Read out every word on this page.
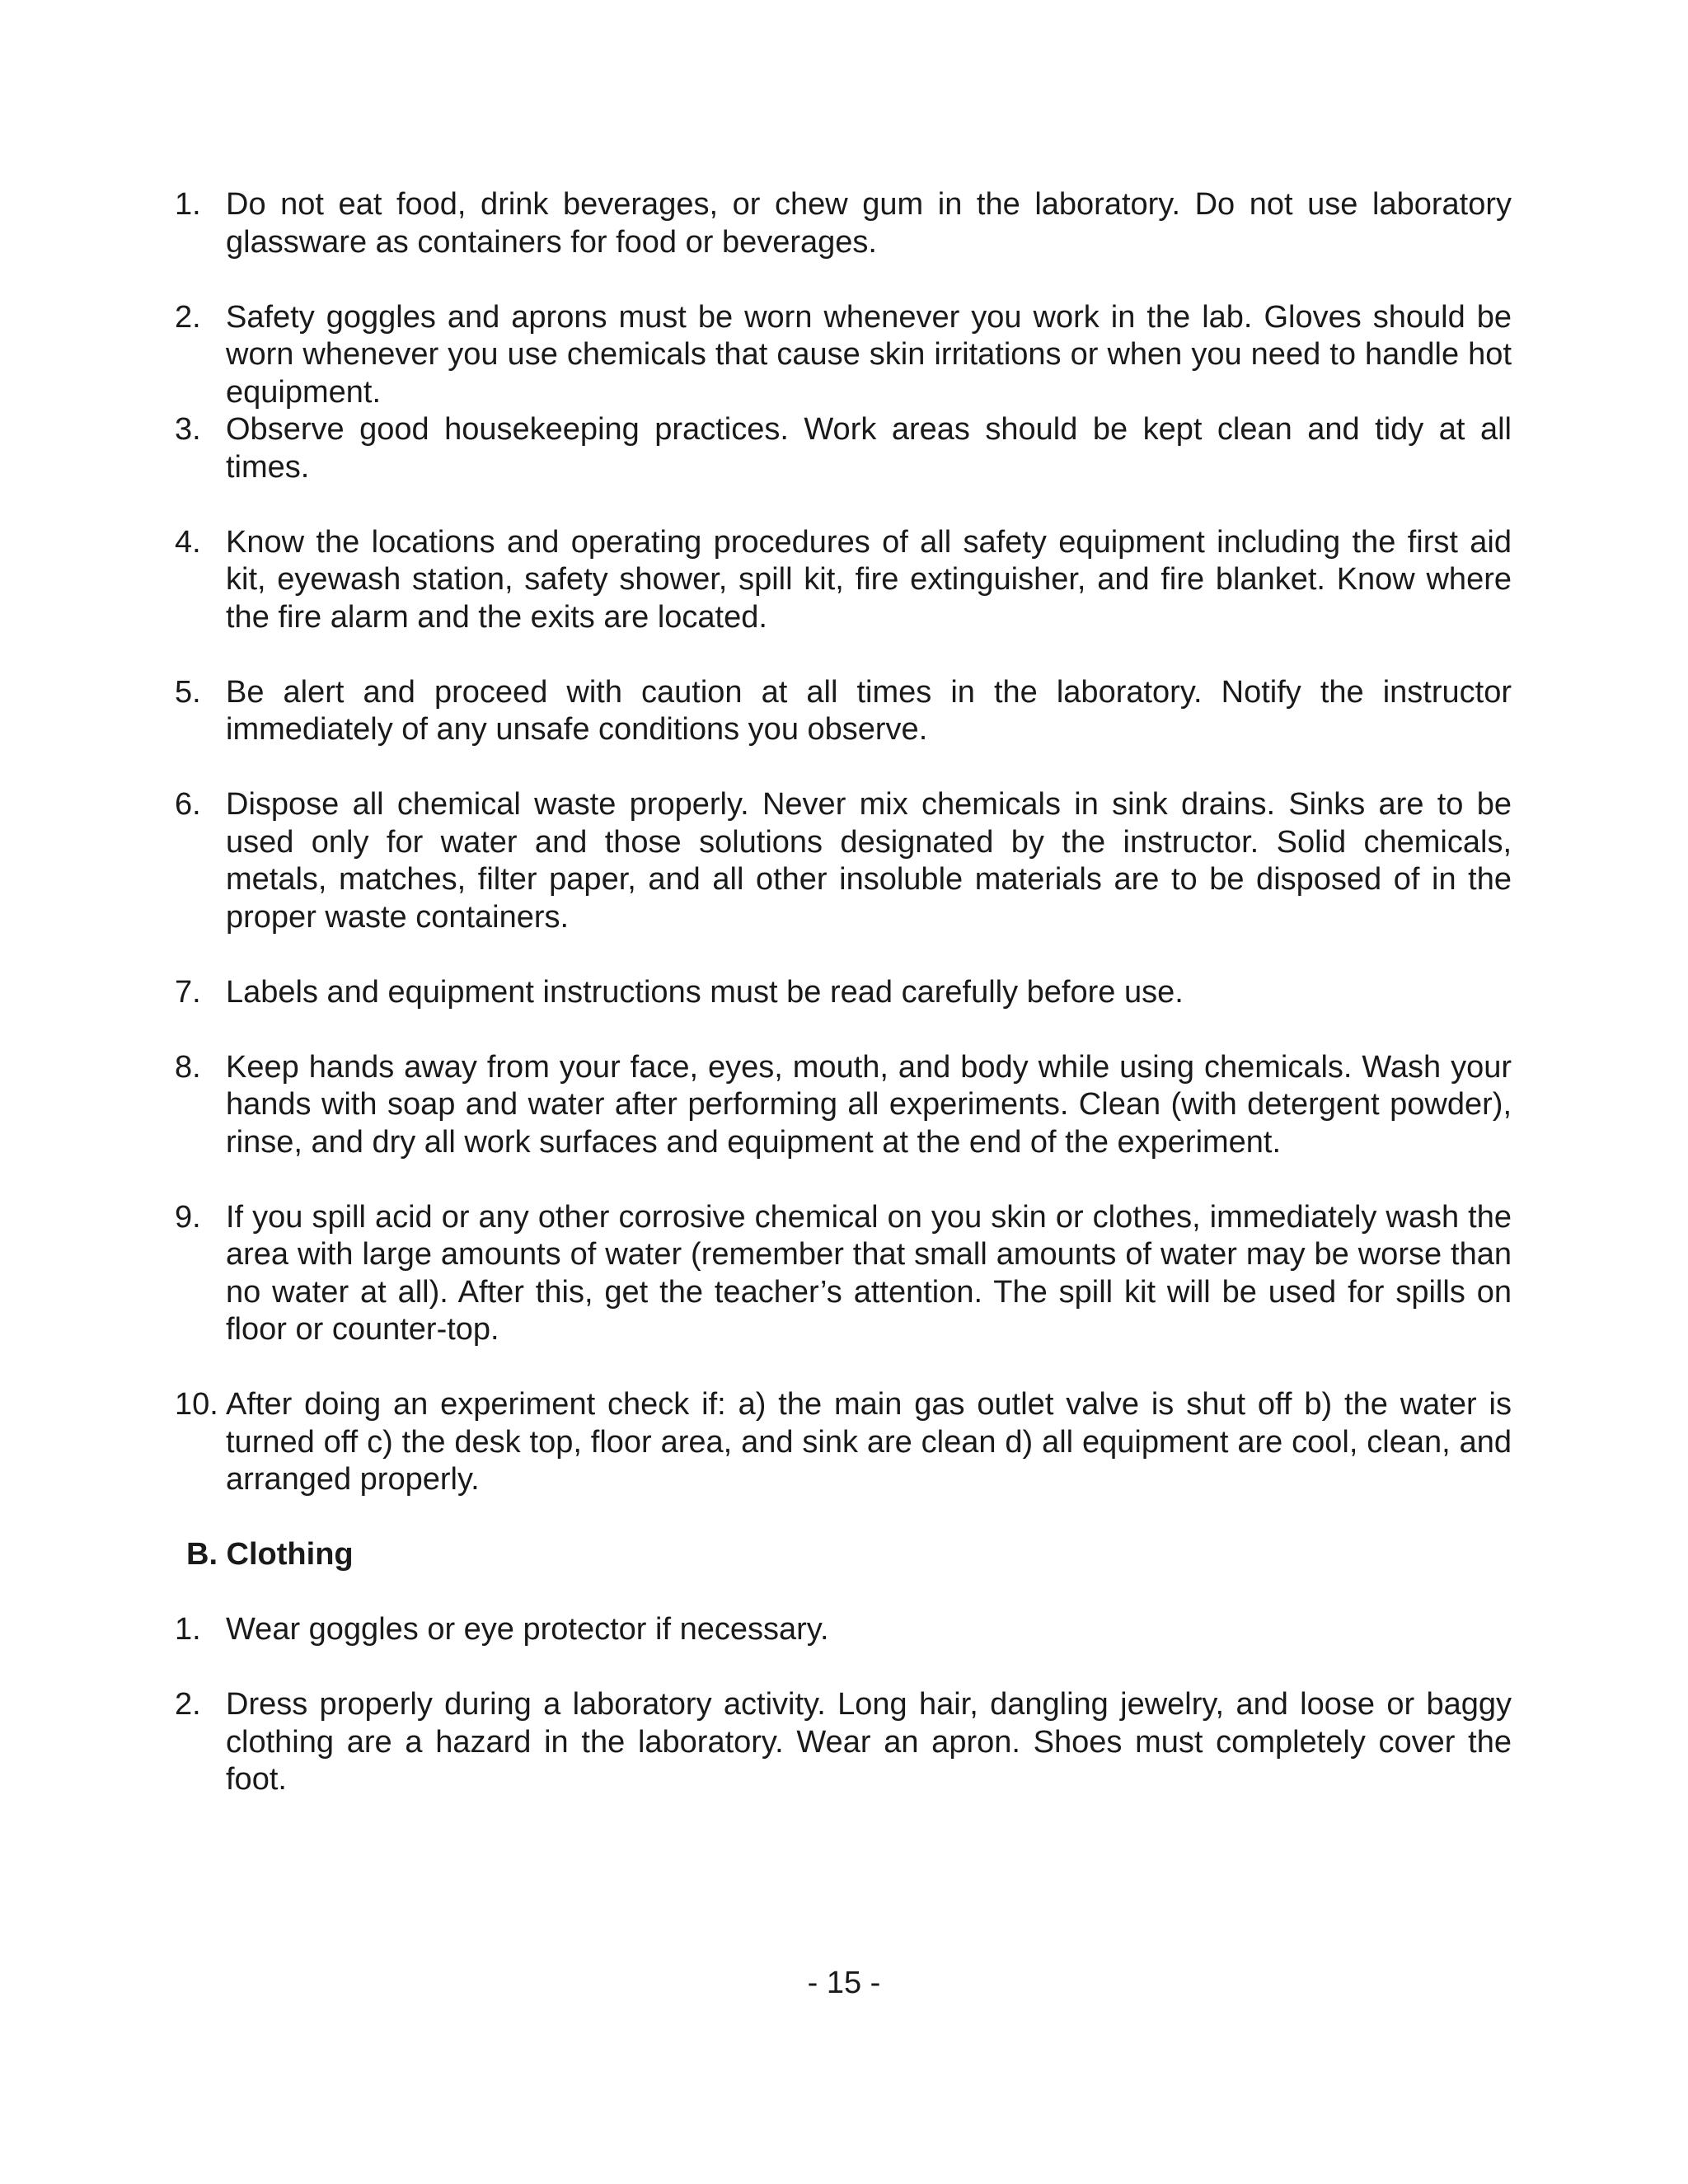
1. Do not eat food, drink beverages, or chew gum in the laboratory. Do not use laboratory glassware as containers for food or beverages.
2. Safety goggles and aprons must be worn whenever you work in the lab. Gloves should be worn whenever you use chemicals that cause skin irritations or when you need to handle hot equipment.
3. Observe good housekeeping practices. Work areas should be kept clean and tidy at all times.
4. Know the locations and operating procedures of all safety equipment including the first aid kit, eyewash station, safety shower, spill kit, fire extinguisher, and fire blanket. Know where the fire alarm and the exits are located.
5. Be alert and proceed with caution at all times in the laboratory. Notify the instructor immediately of any unsafe conditions you observe.
6. Dispose all chemical waste properly. Never mix chemicals in sink drains. Sinks are to be used only for water and those solutions designated by the instructor. Solid chemicals, metals, matches, filter paper, and all other insoluble materials are to be disposed of in the proper waste containers.
7. Labels and equipment instructions must be read carefully before use.
8. Keep hands away from your face, eyes, mouth, and body while using chemicals. Wash your hands with soap and water after performing all experiments. Clean (with detergent powder), rinse, and dry all work surfaces and equipment at the end of the experiment.
9. If you spill acid or any other corrosive chemical on you skin or clothes, immediately wash the area with large amounts of water (remember that small amounts of water may be worse than no water at all). After this, get the teacher’s attention. The spill kit will be used for spills on floor or counter-top.
10. After doing an experiment check if: a) the main gas outlet valve is shut off b) the water is turned off c) the desk top, floor area, and sink are clean d) all equipment are cool, clean, and arranged properly.
B. Clothing
1. Wear goggles or eye protector if necessary.
2. Dress properly during a laboratory activity. Long hair, dangling jewelry, and loose or baggy clothing are a hazard in the laboratory. Wear an apron. Shoes must completely cover the foot.
- 15 -
